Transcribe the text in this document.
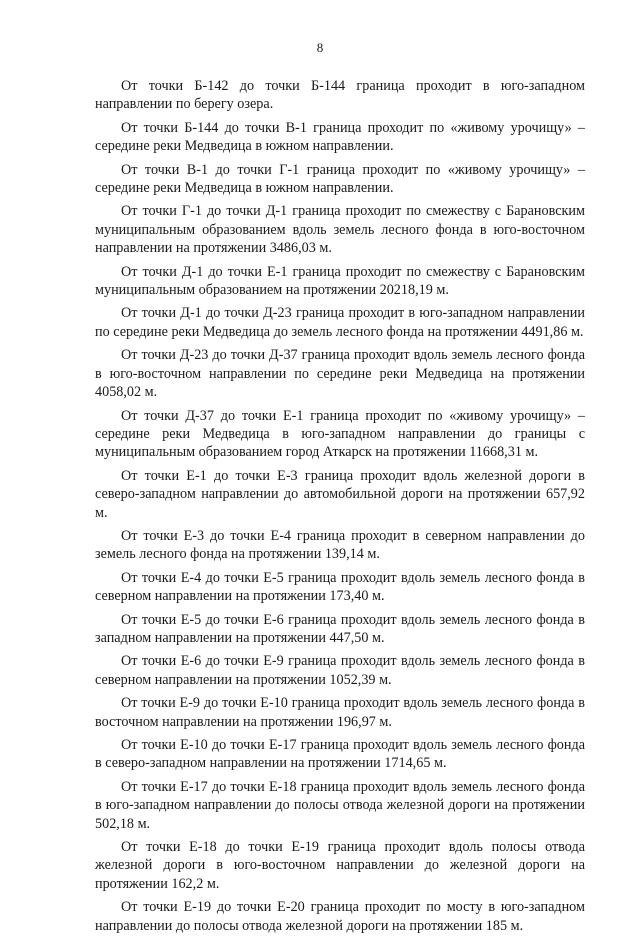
8

От точки Б-142 до точки Б-144 граница проходит в юго-западном направлении по берегу озера.

От точки Б-144 до точки В-1 граница проходит по «живому урочищу» – середине реки Медведица в южном направлении.

От точки В-1 до точки Г-1 граница проходит по «живому урочищу» – середине реки Медведица в южном направлении.

От точки Г-1 до точки Д-1 граница проходит по смежеству с Барановским муниципальным образованием вдоль земель лесного фонда в юго-восточном направлении на протяжении 3486,03 м.

От точки Д-1 до точки Е-1 граница проходит по смежеству с Барановским муниципальным образованием на протяжении 20218,19 м.

От точки Д-1 до точки Д-23 граница проходит в юго-западном направлении по середине реки Медведица до земель лесного фонда на протяжении 4491,86 м.

От точки Д-23 до точки Д-37 граница проходит вдоль земель лесного фонда в юго-восточном направлении по середине реки Медведица на протяжении 4058,02 м.

От точки Д-37 до точки Е-1 граница проходит по «живому урочищу» – середине реки Медведица в юго-западном направлении до границы с муниципальным образованием город Аткарск на протяжении 11668,31 м.

От точки Е-1 до точки Е-3 граница проходит вдоль железной дороги в северо-западном направлении до автомобильной дороги на протяжении 657,92 м.

От точки Е-3 до точки Е-4 граница проходит в северном направлении до земель лесного фонда на протяжении 139,14 м.

От точки Е-4 до точки Е-5 граница проходит вдоль земель лесного фонда в северном направлении на протяжении 173,40 м.

От точки Е-5 до точки Е-6 граница проходит вдоль земель лесного фонда в западном направлении на протяжении 447,50 м.

От точки Е-6 до точки Е-9 граница проходит вдоль земель лесного фонда в северном направлении на протяжении 1052,39 м.

От точки Е-9 до точки Е-10 граница проходит вдоль земель лесного фонда в восточном направлении на протяжении 196,97 м.

От точки Е-10 до точки Е-17 граница проходит вдоль земель лесного фонда в северо-западном направлении на протяжении 1714,65 м.

От точки Е-17 до точки Е-18 граница проходит вдоль земель лесного фонда в юго-западном направлении до полосы отвода железной дороги на протяжении 502,18 м.

От точки Е-18 до точки Е-19 граница проходит вдоль полосы отвода железной дороги в юго-восточном направлении до железной дороги на протяжении 162,2 м.

От точки Е-19 до точки Е-20 граница проходит по мосту в юго-западном направлении до полосы отвода железной дороги на протяжении 185 м.
